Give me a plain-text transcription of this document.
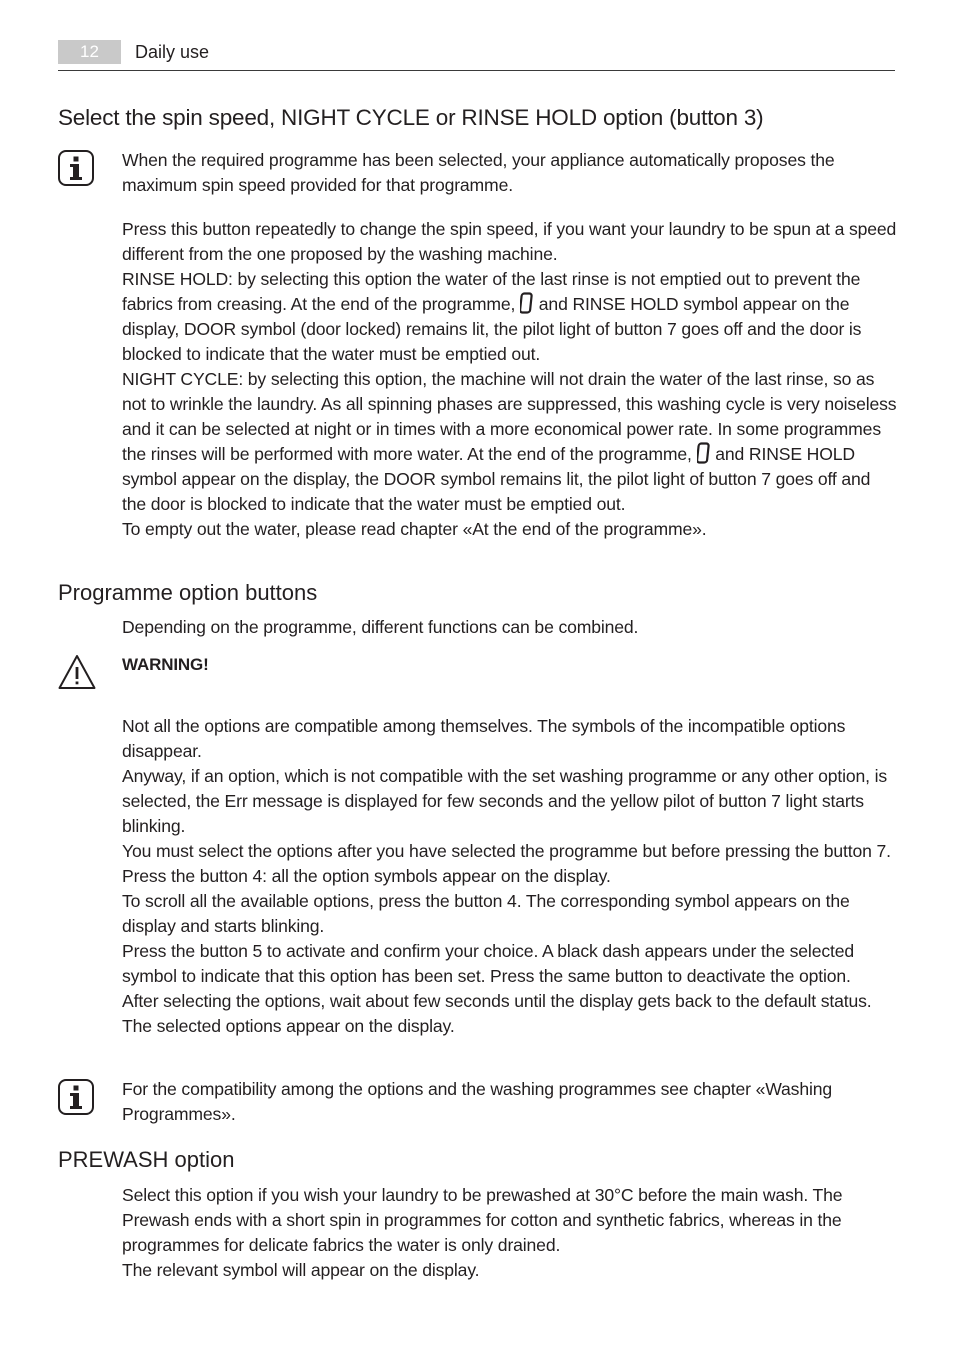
12	Daily use
Select the spin speed, NIGHT CYCLE or RINSE HOLD option (button 3)

When the required programme has been selected, your appliance automatically proposes the maximum spin speed provided for that programme.

Press this button repeatedly to change the spin speed, if you want your laundry to be spun at a speed different from the one proposed by the washing machine.

RINSE HOLD: by selecting this option the water of the last rinse is not emptied out to prevent the fabrics from creasing. At the end of the programme, and RINSE HOLD symbol appear on the display, DOOR symbol (door locked) remains lit, the pilot light of button 7 goes off and the door is blocked to indicate that the water must be emptied out.

NIGHT CYCLE: by selecting this option, the machine will not drain the water of the last rinse, so as not to wrinkle the laundry. As all spinning phases are suppressed, this washing cycle is very noiseless and it can be selected at night or in times with a more economical power rate. In some programmes the rinses will be performed with more water. At the end of the programme, and RINSE HOLD symbol appear on the display, the DOOR symbol remains lit, the pilot light of button 7 goes off and the door is blocked to indicate that the water must be emptied out.

To empty out the water, please read chapter «At the end of the programme».

Programme option buttons

Depending on the programme, different functions can be combined.

WARNING!

Not all the options are compatible among themselves. The symbols of the incompatible options disappear.

Anyway, if an option, which is not compatible with the set washing programme or any other option, is selected, the Err message is displayed for few seconds and the yellow pilot of button 7 light starts blinking.

You must select the options after you have selected the programme but before pressing the button 7. Press the button 4: all the option symbols appear on the display.

To scroll all the available options, press the button 4. The corresponding symbol appears on the display and starts blinking.

Press the button 5 to activate and confirm your choice. A black dash appears under the selected symbol to indicate that this option has been set. Press the same button to deactivate the option.

After selecting the options, wait about few seconds until the display gets back to the default status. The selected options appear on the display.

For the compatibility among the options and the washing programmes see chapter «Washing Programmes».

PREWASH option

Select this option if you wish your laundry to be prewashed at 30°C before the main wash. The Prewash ends with a short spin in programmes for cotton and synthetic fabrics, whereas in the programmes for delicate fabrics the water is only drained.

The relevant symbol will appear on the display.
